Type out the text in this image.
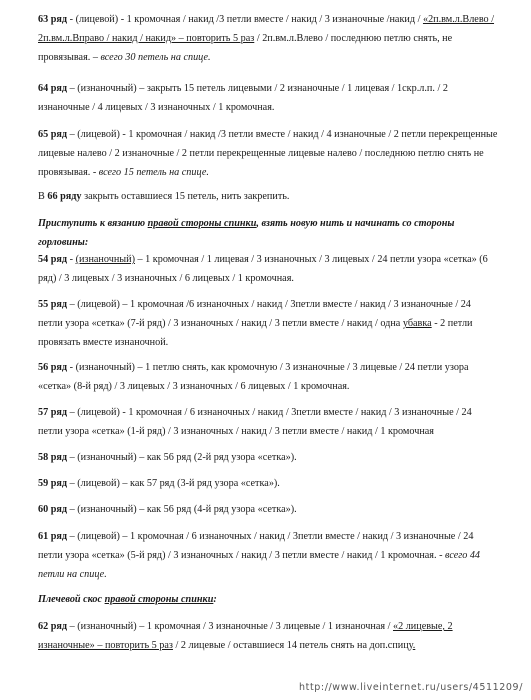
63 ряд - (лицевой) - 1 кромочная / накид /3 петли вместе / накид / 3 изнаночные /накид / «2п.вм.л.Влево / 2п.вм.л.Вправо / накид / накид» – повторить 5 раз / 2п.вм.л.Влево / последнюю петлю снять, не провязывая. – всего 30 петель на спице.

64 ряд – (изнаночный) – закрыть 15 петель лицевыми / 2 изнаночные / 1 лицевая / 1скр.л.п. / 2 изнаночные / 4 лицевых / 3 изнаночных / 1 кромочная.

65 ряд – (лицевой) - 1 кромочная / накид /3 петли вместе / накид / 4 изнаночные / 2 петли перекрещенные лицевые налево / 2 изнаночные / 2 петли перекрещенные лицевые налево / последнюю петлю снять не провязывая. - всего 15 петель на спице.

В 66 ряду закрыть оставшиеся 15 петель, нить закрепить.

Приступить к вязанию правой стороны спинки, взять новую нить и начинать со стороны горловины:

54 ряд - (изнаночный) – 1 кромочная / 1 лицевая / 3 изнаночных / 3 лицевых / 24 петли узора «сетка» (6 ряд) / 3 лицевых / 3 изнаночных / 6 лицевых / 1 кромочная.

55 ряд – (лицевой) – 1 кромочная /6 изнаночных / накид / 3петли вместе / накид / 3 изнаночные / 24 петли узора «сетка» (7-й ряд) / 3 изнаночных / накид / 3 петли вместе / накид / одна убавка - 2 петли провязать вместе изнаночной.

56 ряд - (изнаночный) – 1 петлю снять, как кромочную / 3 изнаночные / 3 лицевые / 24 петли узора «сетка» (8-й ряд) / 3 лицевых / 3 изнаночных / 6 лицевых / 1 кромочная.

57 ряд – (лицевой) - 1 кромочная / 6 изнаночных / накид / 3петли вместе / накид / 3 изнаночные / 24 петли узора «сетка» (1-й ряд) / 3 изнаночных / накид / 3 петли вместе / накид / 1 кромочная

58 ряд – (изнаночный) – как 56 ряд (2-й ряд узора «сетка»).

59 ряд – (лицевой) – как 57 ряд (3-й ряд узора «сетка»).

60 ряд – (изнаночный) – как 56 ряд (4-й ряд узора «сетка»).

61 ряд – (лицевой) – 1 кромочная / 6 изнаночных / накид / 3петли вместе / накид / 3 изнаночные / 24 петли узора «сетка» (5-й ряд) / 3 изнаночных / накид / 3 петли вместе / накид / 1 кромочная. - всего 44 петли на спице.

Плечевой скос правой стороны спинки:

62 ряд – (изнаночный) – 1 кромочная / 3 изнаночные / 3 лицевые / 1 изнаночная / «2 лицевые, 2 изнаночные» – повторить 5 раз / 2 лицевые / оставшиеся 14 петель снять на доп.спицу.

http://www.liveinternet.ru/users/4511209/
